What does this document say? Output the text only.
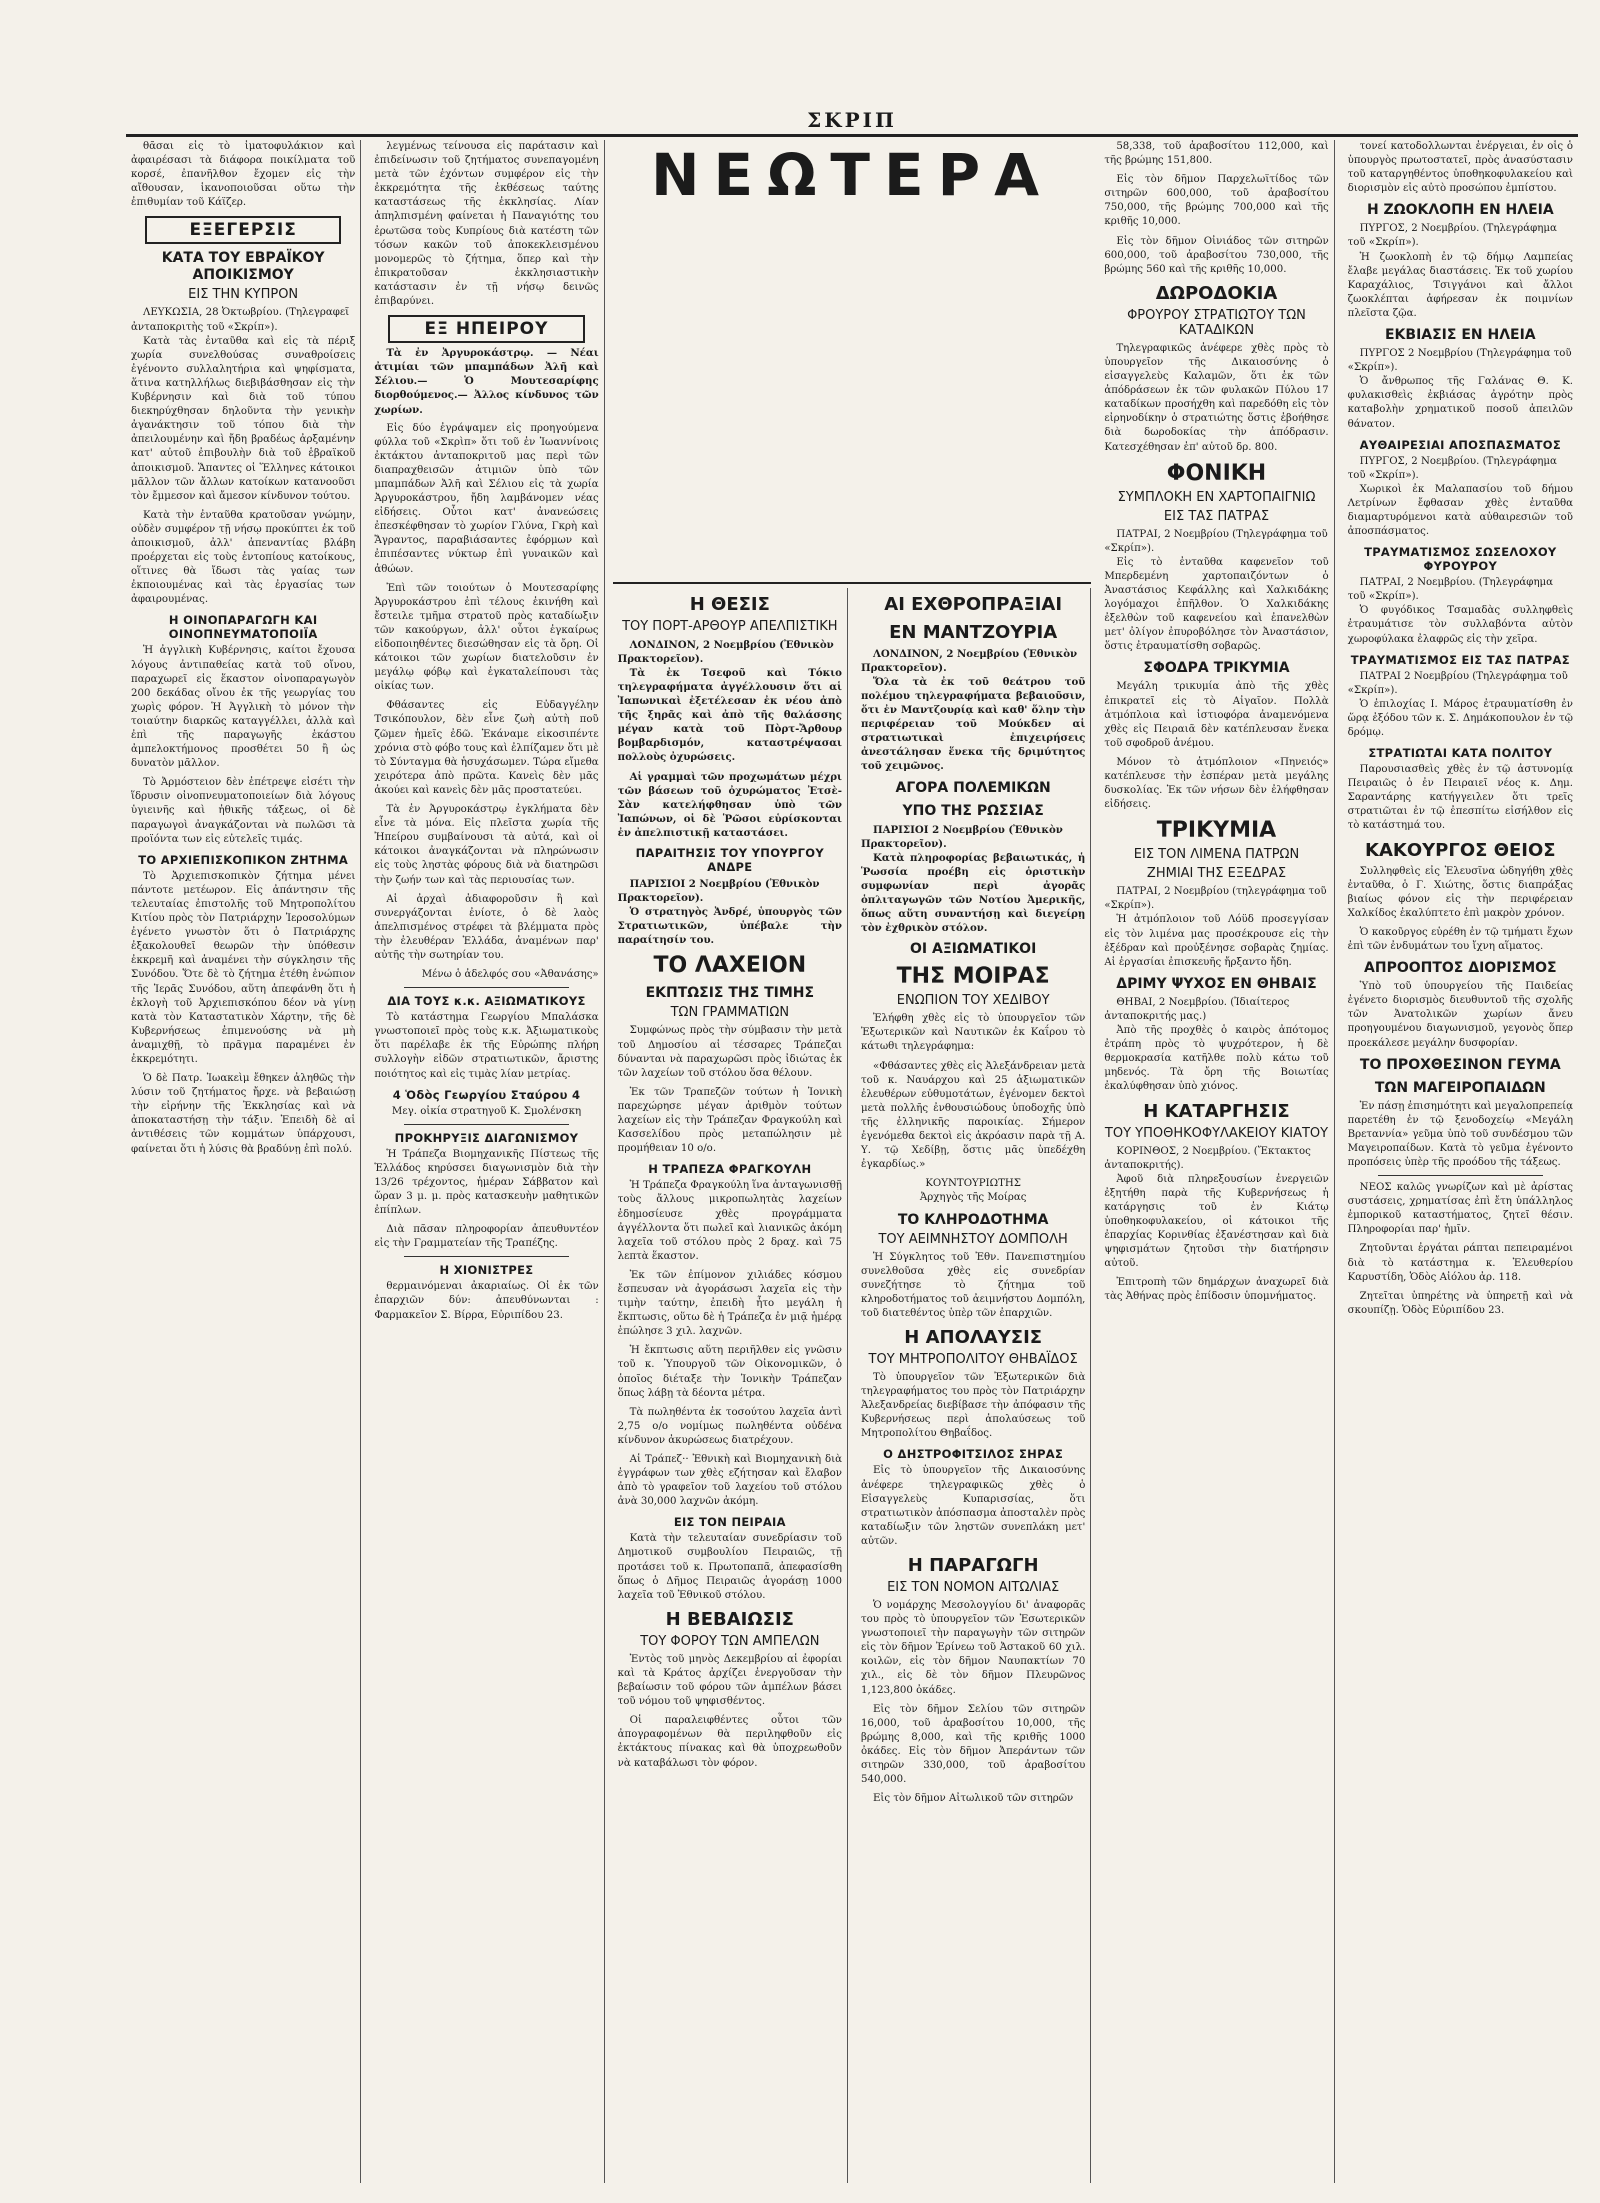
ΣΚΡΙΠ

θᾶσαι εἰς τὸ ἱματοφυλάκιον καὶ ἀφαιρέσασι τὰ διάφορα ποικίλματα τοῦ κορσέ, ἐπανῆλθον ἔχομεν εἰς τὴν αἴθουσαν, ἱκανοποιοῦσαι οὕτω τὴν ἐπιθυμίαν τοῦ Κάϊζερ.

ΕΞΕΓΕΡΣΙΣ
ΚΑΤΑ ΤΟΥ ΕΒΡΑΪΚΟΥ ΑΠΟΙΚΙΣΜΟΥ
ΕΙΣ ΤΗΝ ΚΥΠΡΟΝ

ΛΕΥΚΩΣΙΑ, 28 Ὀκτωβρίου. (Τηλεγραφεῖ ἀνταποκριτὴς τοῦ «Σκρίπ»).

Κατὰ τὰς ἐνταῦθα καὶ εἰς τὰ πέριξ χωρία συνελθούσας συναθροίσεις ἐγένοντο συλλαλητήρια καὶ ψηφίσματα, ἅτινα κατηλλήλως διεβιβάσθησαν εἰς τὴν Κυβέρνησιν καὶ διὰ τοῦ τύπου διεκηρύχθησαν δηλοῦντα τὴν γενικὴν ἀγανάκτησιν τοῦ τόπου διὰ τὴν ἀπειλουμένην καὶ ἤδη βραδέως ἀρξαμένην κατ' αὐτοῦ ἐπιβουλὴν διὰ τοῦ ἑβραϊκοῦ ἀποικισμοῦ. Ἅπαντες οἱ Ἕλληνες κάτοικοι μᾶλλον τῶν ἄλλων κατοίκων κατανοοῦσι τὸν ἔμμεσον καὶ ἄμεσον κίνδυνον τούτου.

Κατὰ τὴν ἐνταῦθα κρατοῦσαν γνώμην, οὐδὲν συμφέρον τῇ νήσῳ προκύπτει ἐκ τοῦ ἀποικισμοῦ, ἀλλ' ἀπεναντίας βλάβη προέρχεται εἰς τοὺς ἐντοπίους κατοίκους, οἵτινες θὰ ἴδωσι τὰς γαίας των ἐκποιουμένας καὶ τὰς ἐργασίας των ἀφαιρουμένας.

Η ΟΙΝΟΠΑΡΑΓΩΓΗ ΚΑΙ ΟΙΝΟΠΝΕΥΜΑΤΟΠΟΙΪΑ

Ἡ ἀγγλικὴ Κυβέρνησις, καίτοι ἔχουσα λόγους ἀντιπαθείας κατὰ τοῦ οἴνου, παραχωρεῖ εἰς ἕκαστον οἰνοπαραγωγὸν 200 δεκάδας οἴνου ἐκ τῆς γεωργίας του χωρὶς φόρον. Ἡ Ἀγγλικὴ τὸ μόνον τὴν τοιαύτην διαρκῶς καταγγέλλει, ἀλλὰ καὶ ἐπὶ τῆς παραγωγῆς ἑκάστου ἀμπελοκτήμονος προσθέτει 50 ἢ ὡς δυνατὸν μᾶλλον.

Τὸ Ἀρμόστειον δὲν ἐπέτρεψε εἰσέτι τὴν ἵδρυσιν οἰνοπνευματοποιείων διὰ λόγους ὑγιεινῆς καὶ ἠθικῆς τάξεως, οἱ δὲ παραγωγοὶ ἀναγκάζονται νὰ πωλῶσι τὰ προϊόντα των εἰς εὐτελεῖς τιμάς.

ΤΟ ΑΡΧΙΕΠΙΣΚΟΠΙΚΟΝ ΖΗΤΗΜΑ

Τὸ Ἀρχιεπισκοπικὸν ζήτημα μένει πάντοτε μετέωρον. Εἰς ἀπάντησιν τῆς τελευταίας ἐπιστολῆς τοῦ Μητροπολίτου Κιτίου πρὸς τὸν Πατριάρχην Ἱεροσολύμων ἐγένετο γνωστὸν ὅτι ὁ Πατριάρχης ἐξακολουθεῖ θεωρῶν τὴν ὑπόθεσιν ἐκκρεμῆ καὶ ἀναμένει τὴν σύγκλησιν τῆς Συνόδου. Ὅτε δὲ τὸ ζήτημα ἐτέθη ἐνώπιον τῆς Ἱερᾶς Συνόδου, αὕτη ἀπεφάνθη ὅτι ἡ ἐκλογὴ τοῦ Ἀρχιεπισκόπου δέον νὰ γίνῃ κατὰ τὸν Καταστατικὸν Χάρτην, τῆς δὲ Κυβερνήσεως ἐπιμενούσης νὰ μὴ ἀναμιχθῇ, τὸ πρᾶγμα παραμένει ἐν ἐκκρεμότητι.

Ὁ δὲ Πατρ. Ἱωακεὶμ ἔθηκεν ἀληθῶς τὴν λύσιν τοῦ ζητήματος ἤρχε. νὰ βεβαιώσῃ τὴν εἰρήνην τῆς Ἐκκλησίας καὶ νὰ ἀποκαταστήσῃ τὴν τάξιν. Ἐπειδὴ δὲ αἱ ἀντιθέσεις τῶν κομμάτων ὑπάρχουσι, φαίνεται ὅτι ἡ λύσις θὰ βραδύνῃ ἐπὶ πολύ.

λεγμένως τείνουσα εἰς παράτασιν καὶ ἐπιδείνωσιν τοῦ ζητήματος συνεπαγομένη μετὰ τῶν ἐχόντων συμφέρον εἰς τὴν ἐκκρεμότητα τῆς ἐκθέσεως ταύτης καταστάσεως τῆς ἐκκλησίας. Λίαν ἀπηλπισμένη φαίνεται ἡ Παναγιότης του ἐρωτῶσα τοὺς Κυπρίους διὰ κατέστη τῶν τόσων κακῶν τοῦ ἀποκεκλεισμένου μονομερῶς τὸ ζήτημα, ὅπερ καὶ τὴν ἐπικρατοῦσαν ἐκκλησιαστικὴν κατάστασιν ἐν τῇ νήσῳ δεινῶς ἐπιβαρύνει.

ΕΞ ΗΠΕΙΡΟΥ

Τὰ ἐν Ἀργυροκάστρῳ. — Νέαι ἀτιμίαι τῶν μπαμπάδων Ἀλῆ καὶ Σέλιου.— Ὁ Μουτεσαρίφης διορθούμενος.— Ἀλλος κίνδυνος τῶν χωρίων.

Εἰς δύο ἐγράψαμεν εἰς προηγούμενα φύλλα τοῦ «Σκρὶπ» ὅτι τοῦ ἐν Ἰωαννίνοις ἐκτάκτου ἀνταποκριτοῦ μας περὶ τῶν διαπραχθεισῶν ἀτιμιῶν ὑπὸ τῶν μπαμπάδων Ἀλῆ καὶ Σέλιου εἰς τὰ χωρία Ἀργυροκάστρου, ἤδη λαμβάνομεν νέας εἰδήσεις. Οὗτοι κατ' ἀνανεώσεις ἐπεσκέφθησαν τὸ χωρίον Γλύνα, Γκρὴ καὶ Ἄγραντος, παραβιάσαντες ἐφόρμων καὶ ἐπιπέσαντες νύκτωρ ἐπὶ γυναικῶν καὶ ἀθώων.

Ἐπὶ τῶν τοιούτων ὁ Μουτεσαρίφης Ἀργυροκάστρου ἐπὶ τέλους ἐκινήθη καὶ ἔστειλε τμῆμα στρατοῦ πρὸς καταδίωξιν τῶν κακούργων, ἀλλ' οὗτοι ἐγκαίρως εἰδοποιηθέντες διεσώθησαν εἰς τὰ ὄρη. Οἱ κάτοικοι τῶν χωρίων διατελοῦσιν ἐν μεγάλῳ φόβῳ καὶ ἐγκαταλείπουσι τὰς οἰκίας των.

Φθάσαντες εἰς Εὐδαγγέλην Τσικόπουλον, δὲν εἶνε ζωὴ αὐτὴ ποῦ ζῶμεν ἡμεῖς ἐδῶ. Ἐκάναμε εἰκοσιπέντε χρόνια στὸ φόβο τους καὶ ἐλπίζαμεν ὅτι μὲ τὸ Σύνταγμα θὰ ἡσυχάσωμεν. Τώρα εἴμεθα χειρότερα ἀπὸ πρῶτα. Κανεὶς δὲν μᾶς ἀκούει καὶ κανεὶς δὲν μᾶς προστατεύει.

Τὰ ἐν Ἀργυροκάστρῳ ἐγκλήματα δὲν εἶνε τὰ μόνα. Εἰς πλεῖστα χωρία τῆς Ἠπείρου συμβαίνουσι τὰ αὐτά, καὶ οἱ κάτοικοι ἀναγκάζονται νὰ πληρώνωσιν εἰς τοὺς ληστὰς φόρους διὰ νὰ διατηρῶσι τὴν ζωήν των καὶ τὰς περιουσίας των.

Αἱ ἀρχαὶ ἀδιαφοροῦσιν ἢ καὶ συνεργάζονται ἐνίοτε, ὁ δὲ λαὸς ἀπελπισμένος στρέφει τὰ βλέμματα πρὸς τὴν ἐλευθέραν Ἑλλάδα, ἀναμένων παρ' αὐτῆς τὴν σωτηρίαν του.

Μένω ὁ ἀδελφός σου «Ἀθανάσης»

ΔΙΑ ΤΟΥΣ κ.κ. ΑΞΙΩΜΑΤΙΚΟΥΣ

Τὸ κατάστημα Γεωργίου Μπαλάσκα γνωστοποιεῖ πρὸς τοὺς κ.κ. Ἀξιωματικοὺς ὅτι παρέλαβε ἐκ τῆς Εὐρώπης πλήρη συλλογὴν εἰδῶν στρατιωτικῶν, ἄριστης ποιότητος καὶ εἰς τιμὰς λίαν μετρίας.

4 Ὁδὸς Γεωργίου Σταύρου 4

Μεγ. οἰκία στρατηγοῦ Κ. Σμολένσκη

ΠΡΟΚΗΡΥΞΙΣ ΔΙΑΓΩΝΙΣΜΟΥ

Ἡ Τράπεζα Βιομηχανικῆς Πίστεως τῆς Ἑλλάδος κηρύσσει διαγωνισμὸν διὰ τὴν 13/26 τρέχοντος, ἡμέραν Σάββατον καὶ ὥραν 3 μ. μ. πρὸς κατασκευὴν μαθητικῶν ἐπίπλων.

Διὰ πᾶσαν πληροφορίαν ἀπευθυντέον εἰς τὴν Γραμματείαν τῆς Τραπέζης.

Η ΧΙΟΝΙΣΤΡΕΣ

θερμαινόμεναι ἀκαριαίως. Οἱ ἐκ τῶν ἐπαρχιῶν δύν: ἀπευθύνωνται : Φαρμακεῖον Σ. Βίρρα, Εὐριπίδου 23.

ΝΕΩΤΕΡΑ
Η ΘΕΣΙΣ
ΤΟΥ ΠΟΡΤ-ΑΡΘΟΥΡ ΑΠΕΛΠΙΣΤΙΚΗ

ΛΟΝΔΙΝΟΝ, 2 Νοεμβρίου (Ἐθνικὸν Πρακτορεῖον).

Τὰ ἐκ Τσεφοῦ καὶ Τόκιο τηλεγραφήματα ἀγγέλλουσιν ὅτι αἱ Ἰαπωνικαὶ ἐξετέλεσαν ἐκ νέου ἀπὸ τῆς ξηρᾶς καὶ ἀπὸ τῆς θαλάσσης μέγαν κατὰ τοῦ Πὸρτ-Ἄρθουρ βομβαρδισμόν, καταστρέψασαι πολλοὺς ὀχυρώσεις.

Αἱ γραμμαὶ τῶν προχωμάτων μέχρι τῶν βάσεων τοῦ ὀχυρώματος Ἐτσὲ-Σὰν κατελήφθησαν ὑπὸ τῶν Ἰαπώνων, οἱ δὲ Ῥῶσοι εὑρίσκονται ἐν ἀπελπιστικῇ καταστάσει.

ΠΑΡΑΙΤΗΣΙΣ ΤΟΥ ΥΠΟΥΡΓΟΥ ΑΝΔΡΕ

ΠΑΡΙΣΙΟΙ 2 Νοεμβρίου (Ἐθνικὸν Πρακτορεῖον).

Ὁ στρατηγὸς Ἀνδρέ, ὑπουργὸς τῶν Στρατιωτικῶν, ὑπέβαλε τὴν παραίτησίν του.

ΤΟ ΛΑΧΕΙΟΝ
ΕΚΠΤΩΣΙΣ ΤΗΣ ΤΙΜΗΣ
ΤΩΝ ΓΡΑΜΜΑΤΙΩΝ

Συμφώνως πρὸς τὴν σύμβασιν τὴν μετὰ τοῦ Δημοσίου αἱ τέσσαρες Τράπεζαι δύνανται νὰ παραχωρῶσι πρὸς ἰδιώτας ἐκ τῶν λαχείων τοῦ στόλου ὅσα θέλουν.

Ἐκ τῶν Τραπεζῶν τούτων ἡ Ἰονικὴ παρεχώρησε μέγαν ἀριθμὸν τούτων λαχείων εἰς τὴν Τράπεζαν Φραγκούλη καὶ Κασσελίδου πρὸς μεταπώλησιν μὲ προμήθειαν 10 ο/ο.

Η ΤΡΑΠΕΖΑ ΦΡΑΓΚΟΥΛΗ

Ἡ Τράπεζα Φραγκούλη ἵνα ἀνταγωνισθῇ τοὺς ἄλλους μικροπωλητὰς λαχείων ἐδημοσίευσε χθὲς προγράμματα ἀγγέλλοντα ὅτι πωλεῖ καὶ λιανικῶς ἀκόμη λαχεῖα τοῦ στόλου πρὸς 2 δραχ. καὶ 75 λεπτὰ ἕκαστον.

Ἐκ τῶν ἐπίμονον χιλιάδες κόσμου ἔσπευσαν νὰ ἀγοράσωσι λαχεῖα εἰς τὴν τιμὴν ταύτην, ἐπειδὴ ἦτο μεγάλη ἡ ἔκπτωσις, οὕτω δὲ ἡ Τράπεζα ἐν μιᾷ ἡμέρᾳ ἐπώλησε 3 χιλ. λαχνῶν.

Ἡ ἔκπτωσις αὕτη περιῆλθεν εἰς γνῶσιν τοῦ κ. Ὑπουργοῦ τῶν Οἰκονομικῶν, ὁ ὁποῖος διέταξε τὴν Ἰονικὴν Τράπεζαν ὅπως λάβῃ τὰ δέοντα μέτρα.

Τὰ πωληθέντα ἐκ τοσούτου λαχεῖα ἀντὶ 2,75 ο/ο νομίμως πωληθέντα οὐδένα κίνδυνον ἀκυρώσεως διατρέχουν.

Αἱ Τράπεζ·· Ἐθνικὴ καὶ Βιομηχανικὴ διὰ ἐγγράφων των χθὲς εζήτησαν καὶ ἔλαβον ἀπὸ τὸ γραφεῖον τοῦ λαχείου τοῦ στόλου ἀνὰ 30,000 λαχνῶν ἀκόμη.

ΕΙΣ ΤΟΝ ΠΕΙΡΑΙΑ

Κατὰ τὴν τελευταίαν συνεδρίασιν τοῦ Δημοτικοῦ συμβουλίου Πειραιῶς, τῇ προτάσει τοῦ κ. Πρωτοπαπᾶ, ἀπεφασίσθη ὅπως ὁ Δῆμος Πειραιῶς ἀγοράσῃ 1000 λαχεῖα τοῦ Ἐθνικοῦ στόλου.

Η ΒΕΒΑΙΩΣΙΣ
ΤΟΥ ΦΟΡΟΥ ΤΩΝ ΑΜΠΕΛΩΝ

Ἐντὸς τοῦ μηνὸς Δεκεμβρίου αἱ ἐφορίαι καὶ τὰ Κράτος ἀρχίζει ἐνεργοῦσαν τὴν βεβαίωσιν τοῦ φόρου τῶν ἀμπέλων βάσει τοῦ νόμου τοῦ ψηφισθέντος.

Οἱ παραλειφθέντες οὗτοι τῶν ἀπογραφομένων θὰ περιληφθοῦν εἰς ἐκτάκτους πίνακας καὶ θὰ ὑποχρεωθοῦν νὰ καταβάλωσι τὸν φόρον.

ΑΙ ΕΧΘΡΟΠΡΑΞΙΑΙ
ΕΝ ΜΑΝΤΖΟΥΡΙΑ

ΛΟΝΔΙΝΟΝ, 2 Νοεμβρίου (Ἐθνικὸν Πρακτορεῖον).

Ὅλα τὰ ἐκ τοῦ θεάτρου τοῦ πολέμου τηλεγραφήματα βεβαιοῦσιν, ὅτι ἐν Μαντζουρίᾳ καὶ καθ' ὅλην τὴν περιφέρειαν τοῦ Μούκδεν αἱ στρατιωτικαὶ ἐπιχειρήσεις ἀνεστάλησαν ἕνεκα τῆς δριμύτητος τοῦ χειμῶνος.

ΑΓΟΡΑ ΠΟΛΕΜΙΚΩΝ
ΥΠΟ ΤΗΣ ΡΩΣΣΙΑΣ

ΠΑΡΙΣΙΟΙ 2 Νοεμβρίου (Ἐθνικὸν Πρακτορεῖον).

Κατὰ πληροφορίας βεβαιωτικάς, ἡ Ῥωσσία προέβη εἰς ὁριστικὴν συμφωνίαν περὶ ἀγορᾶς ὁπλιταγωγῶν τῶν Νοτίου Ἀμερικῆς, ὅπως αὕτη συναντήσῃ καὶ διεγείρῃ τὸν ἐχθρικὸν στόλον.

ΟΙ ΑΞΙΩΜΑΤΙΚΟΙ
ΤΗΣ ΜΟΙΡΑΣ
ΕΝΩΠΙΟΝ ΤΟΥ ΧΕΔΙΒΟΥ

Ἐλήφθη χθὲς εἰς τὸ ὑπουργεῖον τῶν Ἐξωτερικῶν καὶ Ναυτικῶν ἐκ Καΐρου τὸ κάτωθι τηλεγράφημα:

«Φθάσαντες χθὲς εἰς Ἀλεξάνδρειαν μετὰ τοῦ κ. Ναυάρχου καὶ 25 ἀξιωματικῶν ἐλευθέρων εὐθυμοτάτων, ἐγένομεν δεκτοὶ μετὰ πολλῆς ἐνθουσιώδους ὑποδοχῆς ὑπὸ τῆς ἐλληνικῆς παροικίας. Σήμερον ἐγενόμεθα δεκτοὶ εἰς ἀκρόασιν παρὰ τῇ Α. Υ. τῷ Χεδίβῃ, ὅστις μᾶς ὑπεδέχθη ἐγκαρδίως.»

ΚΟΥΝΤΟΥΡΙΩΤΗΣ

Ἀρχηγὸς τῆς Μοίρας

ΤΟ ΚΛΗΡΟΔΟΤΗΜΑ
ΤΟΥ ΑΕΙΜΝΗΣΤΟΥ ΔΟΜΠΟΛΗ

Ἡ Σύγκλητος τοῦ Ἐθν. Πανεπιστημίου συνελθοῦσα χθὲς εἰς συνεδρίαν συνεζήτησε τὸ ζήτημα τοῦ κληροδοτήματος τοῦ ἀειμνήστου Δομπόλη, τοῦ διατεθέντος ὑπὲρ τῶν ἐπαρχιῶν.

Η ΑΠΟΛΑΥΣΙΣ
ΤΟΥ ΜΗΤΡΟΠΟΛΙΤΟΥ ΘΗΒΑΪΔΟΣ

Τὸ ὑπουργεῖον τῶν Ἐξωτερικῶν διὰ τηλεγραφήματος του πρὸς τὸν Πατριάρχην Ἀλεξανδρείας διεβίβασε τὴν ἀπόφασιν τῆς Κυβερνήσεως περὶ ἀπολαύσεως τοῦ Μητροπολίτου Θηβαΐδος.

Ο ΔΗΣΤΡΟΦΙΤΣΙΛΟΣ ΣΗΡΑΣ

Εἰς τὸ ὑπουργεῖον τῆς Δικαιοσύνης ἀνέφερε τηλεγραφικῶς χθὲς ὁ Εἰσαγγελεὺς Κυπαρισσίας, ὅτι στρατιωτικὸν ἀπόσπασμα ἀποσταλὲν πρὸς καταδίωξιν τῶν ληστῶν συνεπλάκη μετ' αὐτῶν.

Η ΠΑΡΑΓΩΓΗ
ΕΙΣ ΤΟΝ ΝΟΜΟΝ ΑΙΤΩΛΙΑΣ

Ὁ νομάρχης Μεσολογγίου δι' ἀναφορᾶς του πρὸς τὸ ὑπουργεῖον τῶν Ἐσωτερικῶν γνωστοποιεῖ τὴν παραγωγὴν τῶν σιτηρῶν εἰς τὸν δῆμον Ἐρίνεω τοῦ Ἀστακοῦ 60 χιλ. κοιλῶν, εἰς τὸν δῆμον Ναυπακτίων 70 χιλ., εἰς δὲ τὸν δῆμον Πλευρῶνος 1,123,800 ὀκάδες.

Εἰς τὸν δῆμον Σελίου τῶν σιτηρῶν 16,000, τοῦ ἀραβοσίτου 10,000, τῆς βρώμης 8,000, καὶ τῆς κριθῆς 1000 ὀκάδες. Εἰς τὸν δῆμον Ἀπεράντων τῶν σιτηρῶν 330,000, τοῦ ἀραβοσίτου 540,000.

Εἰς τὸν δῆμον Αἰτωλικοῦ τῶν σιτηρῶν

58,338, τοῦ ἀραβοσίτου 112,000, καὶ τῆς βρώμης 151,800.

Εἰς τὸν δῆμον Παρχελωϊτίδος τῶν σιτηρῶν 600,000, τοῦ ἀραβοσίτου 750,000, τῆς βρώμης 700,000 καὶ τῆς κριθῆς 10,000.

Εἰς τὸν δῆμον Οἰνιάδος τῶν σιτηρῶν 600,000, τοῦ ἀραβοσίτου 730,000, τῆς βρώμης 560 καὶ τῆς κριθῆς 10,000.

ΔΩΡΟΔΟΚΙΑ
ΦΡΟΥΡΟΥ ΣΤΡΑΤΙΩΤΟΥ ΤΩΝ ΚΑΤΑΔΙΚΩΝ

Τηλεγραφικῶς ἀνέφερε χθὲς πρὸς τὸ ὑπουργεῖον τῆς Δικαιοσύνης ὁ εἰσαγγελεὺς Καλαμῶν, ὅτι ἐκ τῶν ἀπόδράσεων ἐκ τῶν φυλακῶν Πύλου 17 καταδίκων προσήχθη καὶ παρεδόθη εἰς τὸν εἰρηνοδίκην ὁ στρατιώτης ὅστις ἐβοήθησε διὰ δωροδοκίας τὴν ἀπόδρασιν. Κατεσχέθησαν ἐπ' αὐτοῦ δρ. 800.

ΦΟΝΙΚΗ
ΣΥΜΠΛΟΚΗ ΕΝ ΧΑΡΤΟΠΑΙΓΝΙΩ
ΕΙΣ ΤΑΣ ΠΑΤΡΑΣ

ΠΑΤΡΑΙ, 2 Νοεμβρίου (Τηλεγράφημα τοῦ «Σκρίπ»).

Εἰς τὸ ἐνταῦθα καφενεῖον τοῦ Μπερδεμένη χαρτοπαιζόντων ὁ Ἀναστάσιος Κεφάλλης καὶ Χαλκιδάκης λογόμαχοι ἐπῆλθον. Ὁ Χαλκιδάκης ἐξελθὼν τοῦ καφενείου καὶ ἐπανελθὼν μετ' ὀλίγον ἐπυροβόλησε τὸν Ἀναστάσιον, ὅστις ἐτραυματίσθη σοβαρῶς.

ΣΦΟΔΡΑ ΤΡΙΚΥΜΙΑ

Μεγάλη τρικυμία ἀπὸ τῆς χθὲς ἐπικρατεῖ εἰς τὸ Αἰγαῖον. Πολλὰ ἀτμόπλοια καὶ ἱστιοφόρα ἀναμενόμενα χθὲς εἰς Πειραιᾶ δὲν κατέπλευσαν ἕνεκα τοῦ σφοδροῦ ἀνέμου.

Μόνον τὸ ἀτμόπλοιον «Πηνειός» κατέπλευσε τὴν ἑσπέραν μετὰ μεγάλης δυσκολίας. Ἐκ τῶν νήσων δὲν ἐλήφθησαν εἰδήσεις.

ΤΡΙΚΥΜΙΑ
ΕΙΣ ΤΟΝ ΛΙΜΕΝΑ ΠΑΤΡΩΝ
ΖΗΜΙΑΙ ΤΗΣ ΕΞΕΔΡΑΣ

ΠΑΤΡΑΙ, 2 Νοεμβρίου (τηλεγράφημα τοῦ «Σκρίπ»).

Ἡ ἀτμόπλοιον τοῦ Λόϋδ προσεγγίσαν εἰς τὸν λιμένα μας προσέκρουσε εἰς τὴν ἐξέδραν καὶ προὐξένησε σοβαρὰς ζημίας. Αἱ ἐργασίαι ἐπισκευῆς ἤρξαντο ἤδη.

ΔΡΙΜΥ ΨΥΧΟΣ ΕΝ ΘΗΒΑΙΣ

ΘΗΒΑΙ, 2 Νοεμβρίου. (Ἰδιαίτερος ἀνταποκριτής μας.)

Ἀπὸ τῆς προχθὲς ὁ καιρὸς ἀπότομος ἐτράπη πρὸς τὸ ψυχρότερον, ἡ δὲ θερμοκρασία κατῆλθε πολὺ κάτω τοῦ μηδενός. Τὰ ὄρη τῆς Βοιωτίας ἐκαλύφθησαν ὑπὸ χιόνος.

Η ΚΑΤΑΡΓΗΣΙΣ
ΤΟΥ ΥΠΟΘΗΚΟΦΥΛΑΚΕΙΟΥ ΚΙΑΤΟΥ

ΚΟΡΙΝΘΟΣ, 2 Νοεμβρίου. (Ἔκτακτος ἀνταποκριτής).

Ἀφοῦ διὰ πληρεξουσίων ἐνεργειῶν ἐξητήθη παρὰ τῆς Κυβερνήσεως ἡ κατάργησις τοῦ ἐν Κιάτῳ ὑποθηκοφυλακείου, οἱ κάτοικοι τῆς ἐπαρχίας Κορινθίας ἐξανέστησαν καὶ διὰ ψηφισμάτων ζητοῦσι τὴν διατήρησιν αὐτοῦ.

Ἐπιτροπὴ τῶν δημάρχων ἀναχωρεῖ διὰ τὰς Ἀθήνας πρὸς ἐπίδοσιν ὑπομνήματος.

τονεί κατοδολλωνται ἐνέργειαι, ἐν οἷς ὁ ὑπουργὸς πρωτοστατεῖ, πρὸς ἀνασύστασιν τοῦ καταργηθέντος ὑποθηκοφυλακείου καὶ διορισμὸν εἰς αὐτὸ προσώπου ἐμπίστου.

Η ΖΩΟΚΛΟΠΗ ΕΝ ΗΛΕΙΑ

ΠΥΡΓΟΣ, 2 Νοεμβρίου. (Τηλεγράφημα τοῦ «Σκρίπ»).

Ἡ ζωοκλοπὴ ἐν τῷ δήμῳ Λαμπείας ἔλαβε μεγάλας διαστάσεις. Ἐκ τοῦ χωρίου Καραχάλιος, Τσιγγάνοι καὶ ἄλλοι ζωοκλέπται ἀφήρεσαν ἐκ ποιμνίων πλεῖστα ζῷα.

ΕΚΒΙΑΣΙΣ ΕΝ ΗΛΕΙΑ

ΠΥΡΓΟΣ 2 Νοεμβρίου (Τηλεγράφημα τοῦ «Σκρίπ»).

Ὁ ἄνθρωπος τῆς Γαλάνας Θ. Κ. φυλακισθεὶς ἐκβιάσας ἀγρότην πρὸς καταβολὴν χρηματικοῦ ποσοῦ ἀπειλῶν θάνατον.

ΑΥΘΑΙΡΕΣΙΑΙ ΑΠΟΣΠΑΣΜΑΤΟΣ

ΠΥΡΓΟΣ, 2 Νοεμβρίου. (Τηλεγράφημα τοῦ «Σκρίπ»).

Χωρικοὶ ἐκ Μαλαπασίου τοῦ δήμου Λετρίνων ἔφθασαν χθὲς ἐνταῦθα διαμαρτυρόμενοι κατὰ αὐθαιρεσιῶν τοῦ ἀποσπάσματος.

ΤΡΑΥΜΑΤΙΣΜΟΣ ΣΩΣΕΛΟΧΟΥ ΦΥΡΟΥΡΟΥ

ΠΑΤΡΑΙ, 2 Νοεμβρίου. (Τηλεγράφημα τοῦ «Σκρίπ»).

Ὁ φυγόδικος Τσαμαδὰς συλληφθεὶς ἐτραυμάτισε τὸν συλλαβόντα αὐτὸν χωροφύλακα ἐλαφρῶς εἰς τὴν χεῖρα.

ΤΡΑΥΜΑΤΙΣΜΟΣ ΕΙΣ ΤΑΣ ΠΑΤΡΑΣ

ΠΑΤΡΑΙ 2 Νοεμβρίου (Τηλεγράφημα τοῦ «Σκρίπ»).

Ὁ ἐπιλοχίας Ι. Μάρος ἐτραυματίσθη ἐν ὥρᾳ ἐξόδου τῶν κ. Σ. Δημάκοπουλον ἐν τῷ δρόμῳ.

ΣΤΡΑΤΙΩΤΑΙ ΚΑΤΑ ΠΟΛΙΤΟΥ

Παρουσιασθεὶς χθὲς ἐν τῷ ἀστυνομίᾳ Πειραιῶς ὁ ἐν Πειραιεῖ νέος κ. Δημ. Σαραντάρης κατήγγειλεν ὅτι τρεῖς στρατιῶται ἐν τῷ ἐπεσπίτω εἰσήλθον εἰς τὸ κατάστημά του.

ΚΑΚΟΥΡΓΟΣ ΘΕΙΟΣ

Συλληφθεὶς εἰς Ἐλευσῖνα ὡδηγήθη χθὲς ἐνταῦθα, ὁ Γ. Χιώτης, ὅστις διαπράξας βιαίως φόνον εἰς τὴν περιφέρειαν Χαλκίδος ἐκαλύπτετο ἐπὶ μακρὸν χρόνον.

Ὁ κακοῦργος εὑρέθη ἐν τῷ τμήματι ἔχων ἐπὶ τῶν ἐνδυμάτων του ἴχνη αἵματος.

ΑΠΡΟΟΠΤΟΣ ΔΙΟΡΙΣΜΟΣ

Ὑπὸ τοῦ ὑπουργείου τῆς Παιδείας ἐγένετο διορισμὸς διευθυντοῦ τῆς σχολῆς τῶν Ἀνατολικῶν χωρίων ἄνευ προηγουμένου διαγωνισμοῦ, γεγονὸς ὅπερ προεκάλεσε μεγάλην δυσφορίαν.

ΤΟ ΠΡΟΧΘΕΣΙΝΟΝ ΓΕΥΜΑ
ΤΩΝ ΜΑΓΕΙΡΟΠΑΙΔΩΝ

Ἐν πάσῃ ἐπισημότητι καὶ μεγαλοπρεπείᾳ παρετέθη ἐν τῷ ξενοδοχείῳ «Μεγάλη Βρεταννία» γεῦμα ὑπὸ τοῦ συνδέσμου τῶν Μαγειροπαίδων. Κατὰ τὸ γεῦμα ἐγένοντο προπόσεις ὑπὲρ τῆς προόδου τῆς τάξεως.

ΝΕΟΣ καλῶς γνωρίζων καὶ μὲ ἀρίστας συστάσεις, χρηματίσας ἐπὶ ἔτη ὑπάλληλος ἐμπορικοῦ καταστήματος, ζητεῖ θέσιν. Πληροφορίαι παρ' ἡμῖν.

Ζητοῦνται ἐργάται ράπται πεπειραμένοι διὰ τὸ κατάστημα κ. Ἐλευθερίου Καρυστίδη, Ὁδὸς Αἰόλου ἀρ. 118.

Ζητεῖται ὑπηρέτης νὰ ὑπηρετῇ καὶ νὰ σκουπίζῃ. Ὁδὸς Εὐριπίδου 23.
